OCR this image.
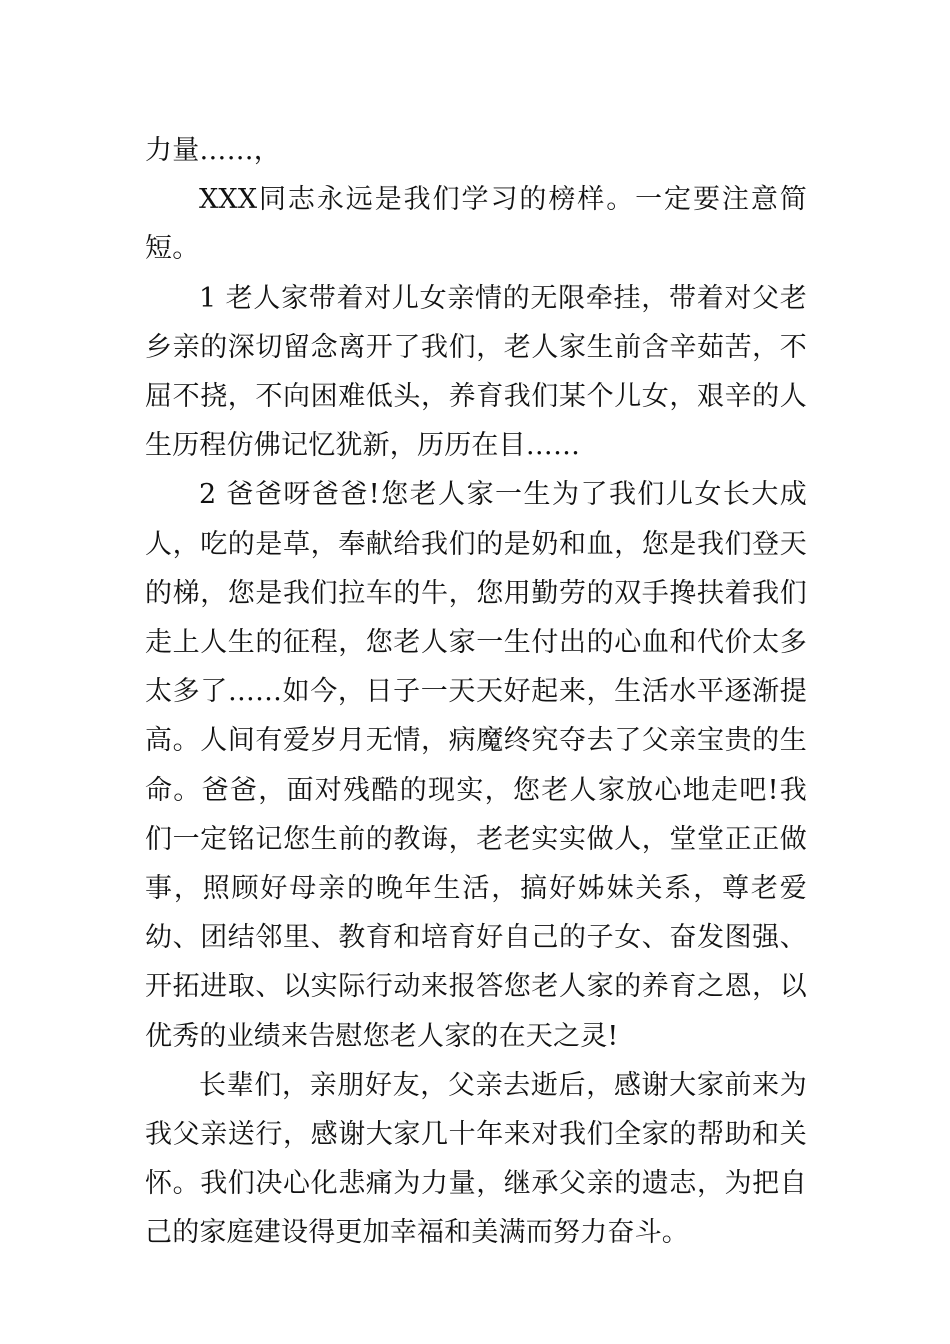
力量……，

XXX同志永远是我们学习的榜样。一定要注意简短。

1 老人家带着对儿女亲情的无限牵挂，带着对父老乡亲的深切留念离开了我们，老人家生前含辛茹苦，不屈不挠，不向困难低头，养育我们某个儿女，艰辛的人生历程仿佛记忆犹新，历历在目……

2 爸爸呀爸爸!您老人家一生为了我们儿女长大成人，吃的是草，奉献给我们的是奶和血，您是我们登天的梯，您是我们拉车的牛，您用勤劳的双手搀扶着我们走上人生的征程，您老人家一生付出的心血和代价太多太多了……如今，日子一天天好起来，生活水平逐渐提高。人间有爱岁月无情，病魔终究夺去了父亲宝贵的生命。爸爸，面对残酷的现实，您老人家放心地走吧!我们一定铭记您生前的教诲，老老实实做人，堂堂正正做事，照顾好母亲的晚年生活，搞好姊妹关系，尊老爱幼、团结邻里、教育和培育好自己的子女、奋发图强、开拓进取、以实际行动来报答您老人家的养育之恩，以优秀的业绩来告慰您老人家的在天之灵!

长辈们，亲朋好友，父亲去逝后，感谢大家前来为我父亲送行，感谢大家几十年来对我们全家的帮助和关怀。我们决心化悲痛为力量，继承父亲的遗志，为把自己的家庭建设得更加幸福和美满而努力奋斗。
